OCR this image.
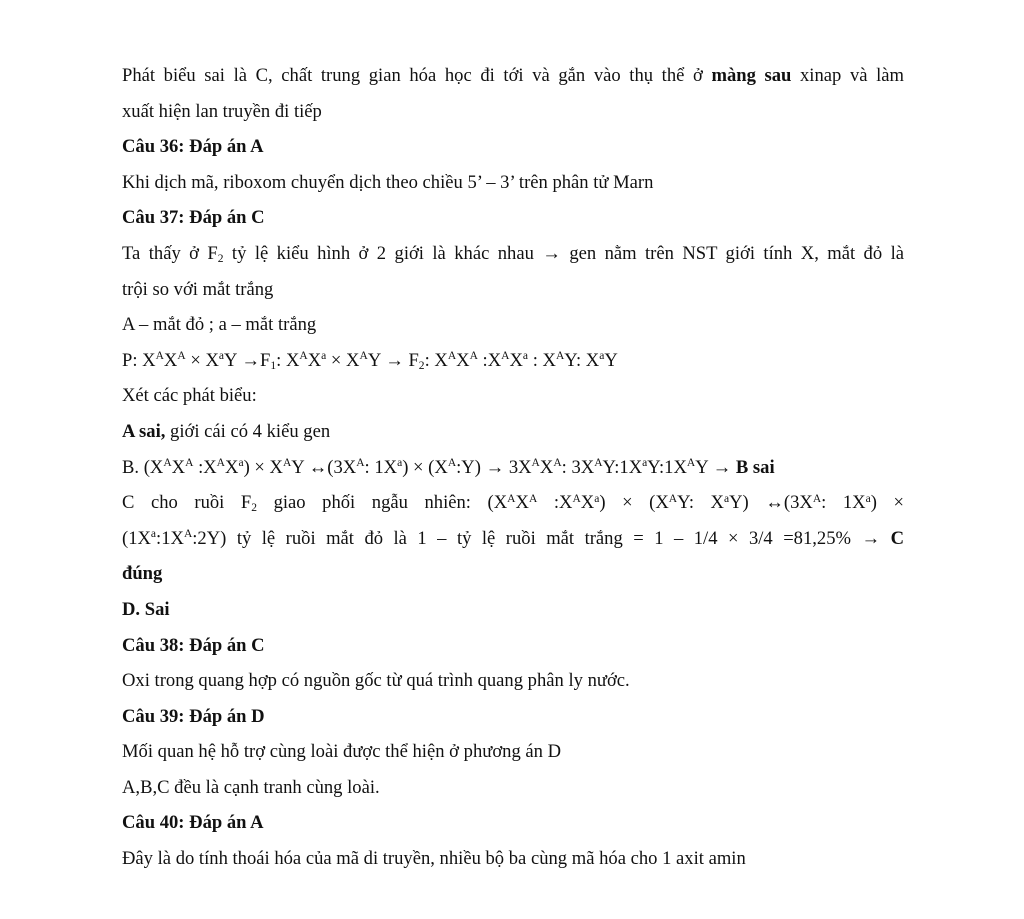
Phát biểu sai là C, chất trung gian hóa học đi tới và gắn vào thụ thể ở màng sau xinap và làm
xuất hiện lan truyền đi tiếp
Câu 36: Đáp án A
Khi dịch mã, riboxom chuyển dịch theo chiều 5’ – 3’ trên phân tử Marn
Câu 37: Đáp án C
Ta thấy ở $F_2$ tỷ lệ kiểu hình ở 2 giới là khác nhau → gen nằm trên NST giới tính X, mắt đỏ là
trội so với mắt trắng
A – mắt đỏ ; a – mắt trắng
P: $X^AX^A \times X^aY \to F_1$: $X^AX^a \times X^AY \to F_2$: $X^AX^A$ $:X^AX^a$ : $X^AY$: $X^aY$
Xét các phát biểu:
A sai, giới cái có 4 kiểu gen
B. ($X^AX^A$ $:X^AX^a) \times X^AY$ $\leftrightarrow(3X^A$: $1X^a$) × $(X^A:Y) \to 3X^AX^A$: $3X^AY:1X^aY:1X^AY \to B$ sai
C cho ruồi $F_2$ giao phối ngẫu nhiên: ($X^AX^A$ $:X^AX^a) \times (X^AY$: $X^aY$) $\leftrightarrow(3X^A$: $1X^a$) ×
$(1X^a:1X^A:2Y)$ tỷ lệ ruồi mắt đỏ là 1 – tỷ lệ ruồi mắt trắng = 1 – 1/4 × 3/4 =81,25% → C
đúng
D. Sai
Câu 38: Đáp án C
Oxi trong quang hợp có nguồn gốc từ quá trình quang phân ly nước.
Câu 39: Đáp án D
Mối quan hệ hỗ trợ cùng loài được thể hiện ở phương án D
A,B,C đều là cạnh tranh cùng loài.
Câu 40: Đáp án A
Đây là do tính thoái hóa của mã di truyền, nhiều bộ ba cùng mã hóa cho 1 axit amin
